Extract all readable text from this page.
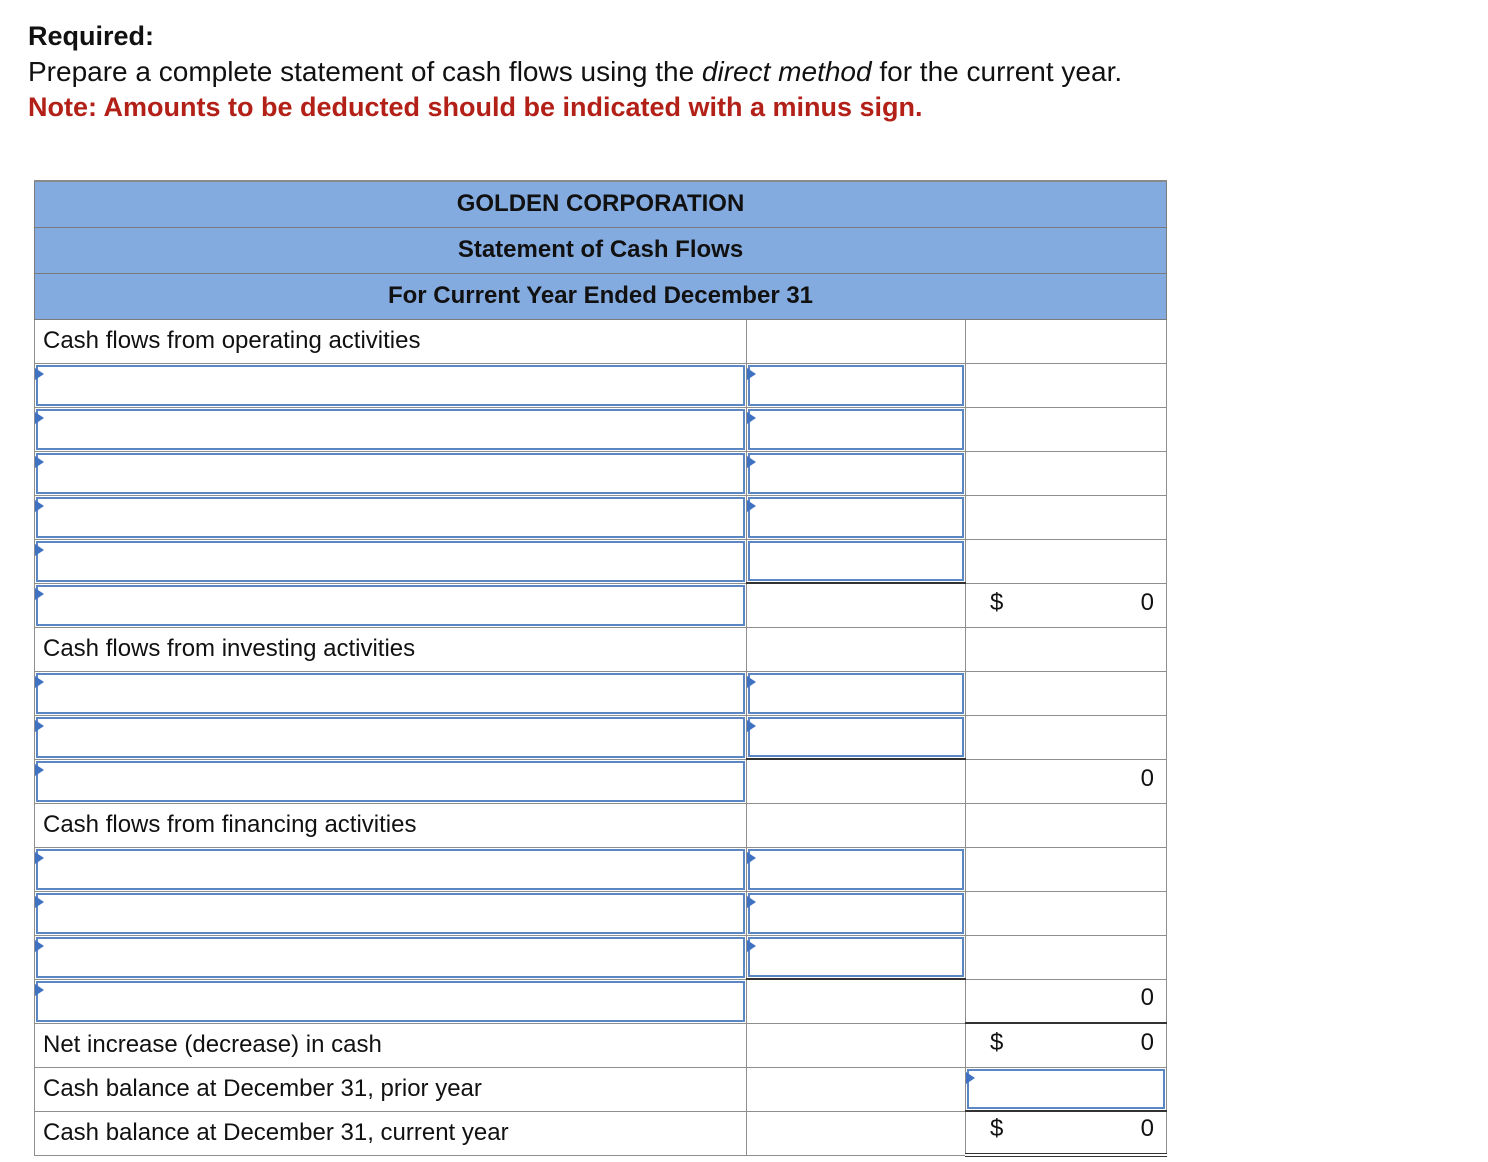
Required:
Prepare a complete statement of cash flows using the direct method for the current year.
Note: Amounts to be deducted should be indicated with a minus sign.
GOLDEN CORPORATION		
Statement of Cash Flows		
For Current Year Ended December 31		
Cash flows from operating activities		

		$ 0

Cash flows from investing activities		

		0

Cash flows from financing activities		

		0

Net increase (decrease) in cash		$ 0

Cash balance at December 31, prior year		

Cash balance at December 31, current year		$ 0
